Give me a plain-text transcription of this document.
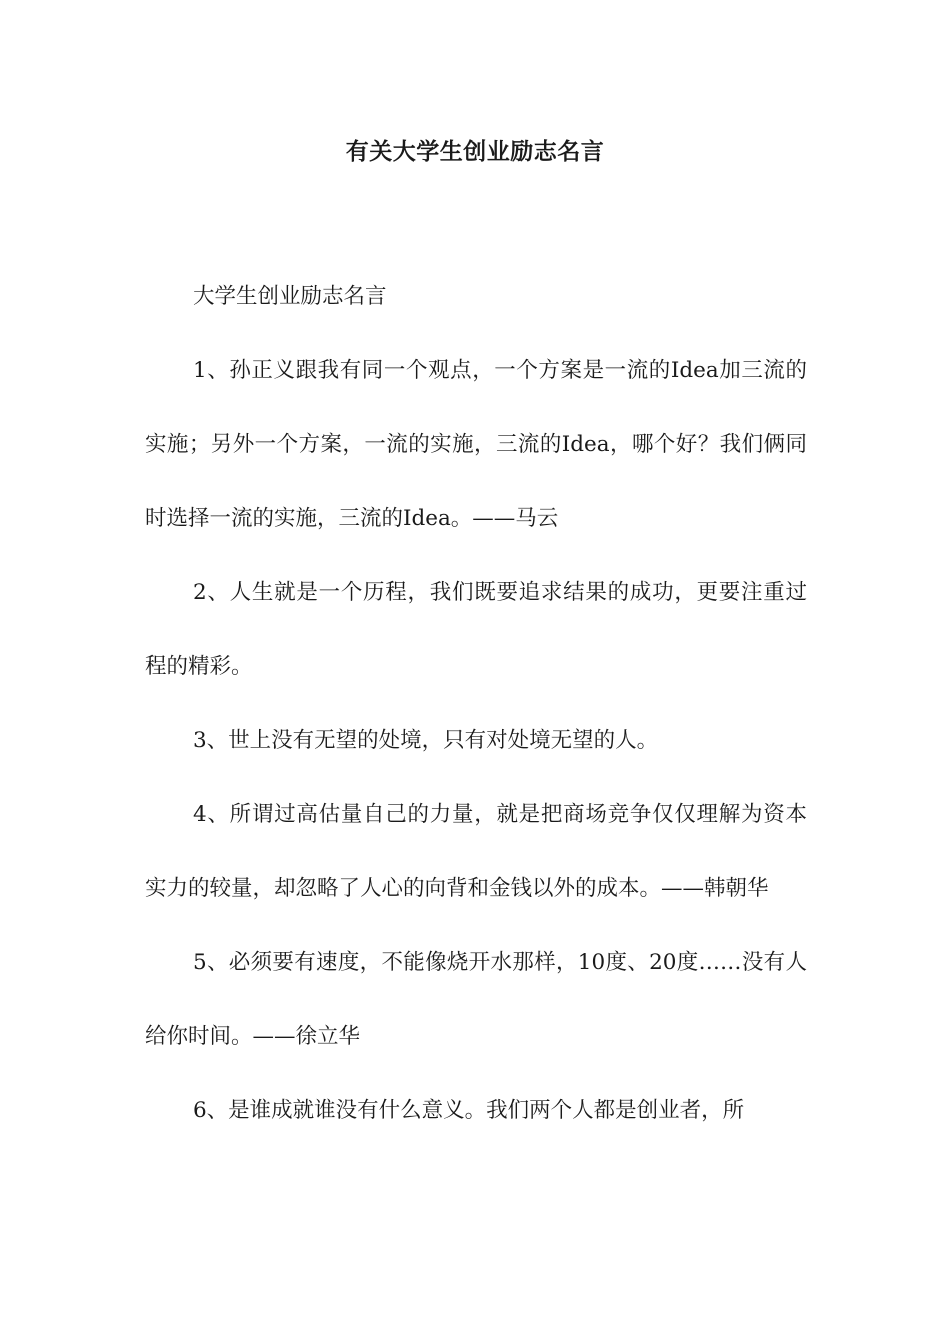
有关大学生创业励志名言

大学生创业励志名言

1、孙正义跟我有同一个观点，一个方案是一流的Idea加三流的实施；另外一个方案，一流的实施，三流的Idea，哪个好？我们俩同时选择一流的实施，三流的Idea。——马云

2、人生就是一个历程，我们既要追求结果的成功，更要注重过程的精彩。

3、世上没有无望的处境，只有对处境无望的人。

4、所谓过高估量自己的力量，就是把商场竞争仅仅理解为资本实力的较量，却忽略了人心的向背和金钱以外的成本。——韩朝华

5、必须要有速度，不能像烧开水那样，10度、20度……没有人给你时间。——徐立华

6、是谁成就谁没有什么意义。我们两个人都是创业者，所
